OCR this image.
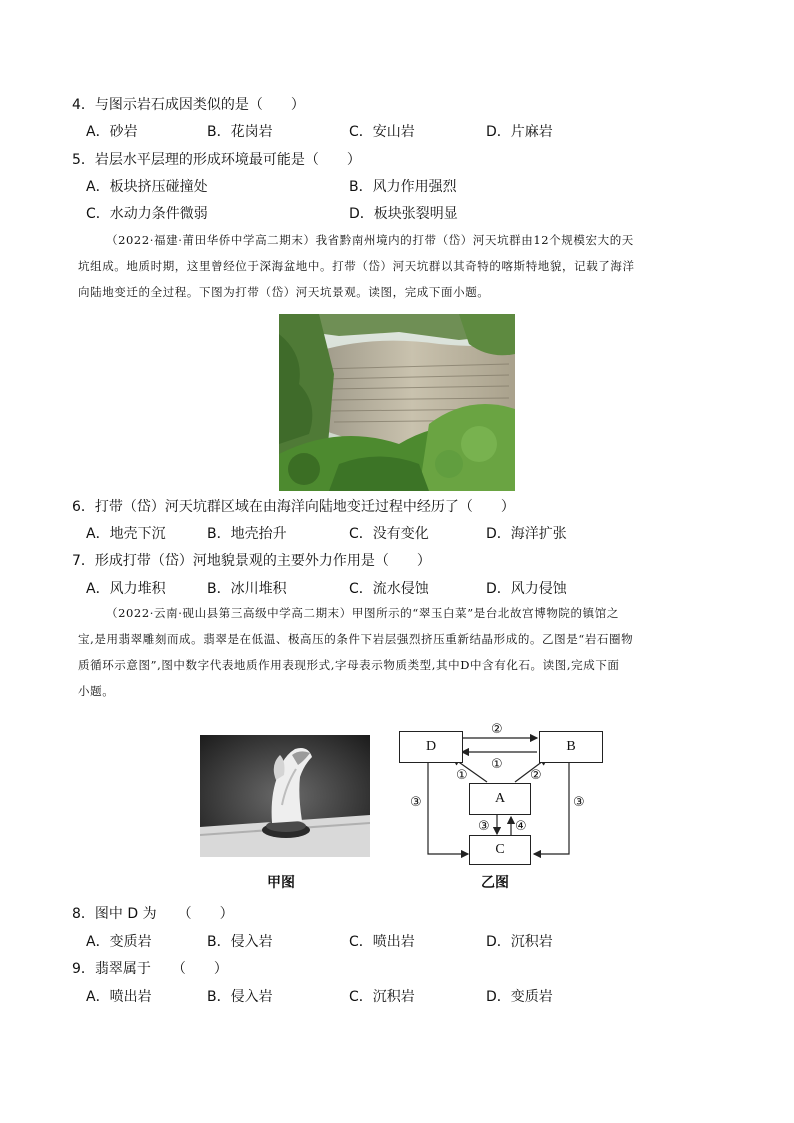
4．与图示岩石成因类似的是（　　）
A．砂岩	B．花岗岩	C．安山岩	D．片麻岩
5．岩层水平层理的形成环境最可能是（　　）
A．板块挤压碰撞处	B．风力作用强烈
C．水动力条件微弱	D．板块张裂明显
（2022·福建·莆田华侨中学高二期末）我省黔南州境内的打带（岱）河天坑群由12个规模宏大的天
坑组成。地质时期，这里曾经位于深海盆地中。打带（岱）河天坑群以其奇特的喀斯特地貌，记载了海洋
向陆地变迁的全过程。下图为打带（岱）河天坑景观。读图，完成下面小题。
6．打带（岱）河天坑群区域在由海洋向陆地变迁过程中经历了（　　）
A．地壳下沉	B．地壳抬升	C．没有变化	D．海洋扩张
7．形成打带（岱）河地貌景观的主要外力作用是（　　）
A．风力堆积	B．冰川堆积	C．流水侵蚀	D．风力侵蚀
（2022·云南·砚山县第三高级中学高二期末）甲图所示的“翠玉白菜”是台北故宫博物院的镇馆之
宝,是用翡翠雕刻而成。翡翠是在低温、极高压的条件下岩层强烈挤压重新结晶形成的。乙图是“岩石圈物
质循环示意图”,图中数字代表地质作用表现形式,字母表示物质类型,其中D中含有化石。读图,完成下面
小题。
甲图
D	B
A
C
②
①
①	②
③	③
③ ④
乙图
8．图中 D 为　　（　　）
A．变质岩	B．侵入岩	C．喷出岩	D．沉积岩
9．翡翠属于　　（　　）
A．喷出岩	B．侵入岩	C．沉积岩	D．变质岩
